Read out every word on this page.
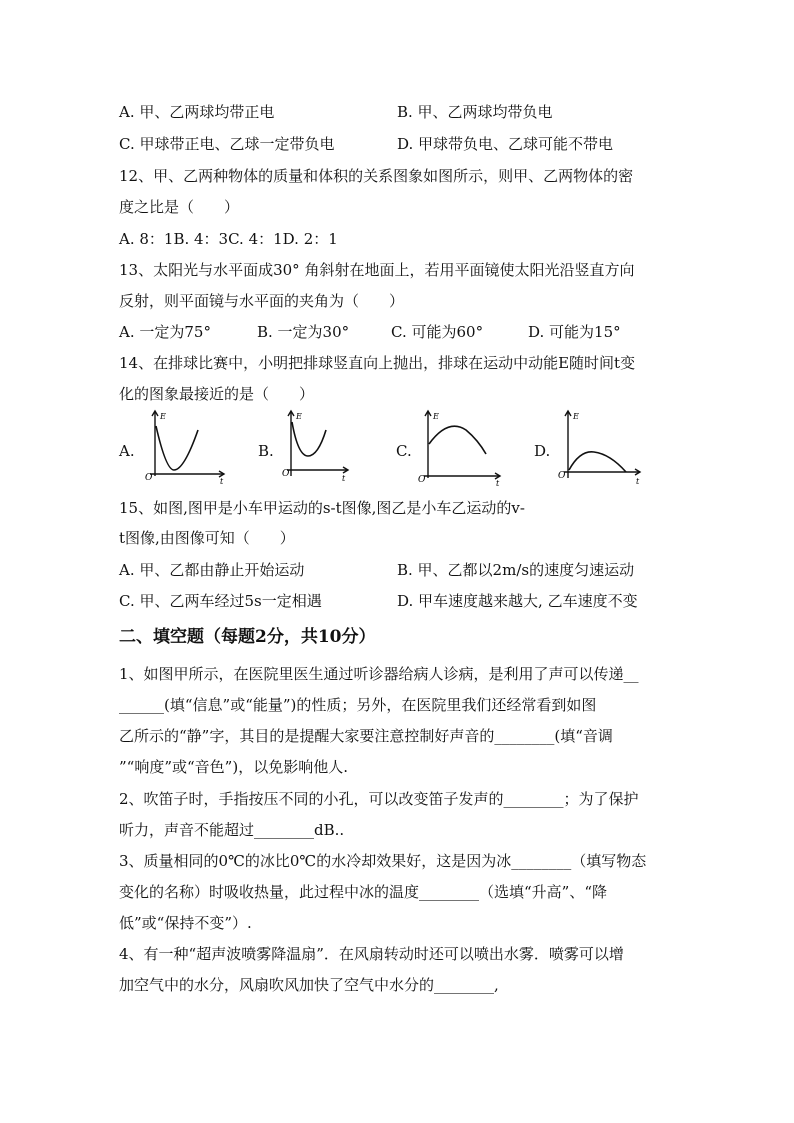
A. 甲、乙两球均带正电	B. 甲、乙两球均带负电
C. 甲球带正电、乙球一定带负电	D. 甲球带负电、乙球可能不带电
12、甲、乙两种物体的质量和体积的关系图象如图所示，则甲、乙两物体的密
度之比是（　　）
A. 8：1B. 4：3C. 4：1D. 2：1
13、太阳光与水平面成30° 角斜射在地面上，若用平面镜使太阳光沿竖直方向
反射，则平面镜与水平面的夹角为（　　）
A. 一定为75°	B. 一定为30°	C. 可能为60°	D. 可能为15°
14、在排球比赛中，小明把排球竖直向上抛出，排球在运动中动能E随时间t变
化的图象最接近的是（　　）
A.
E
O	t
B.
E
O	t
C.
E
O	t
D.
E
O
t
15、如图,图甲是小车甲运动的s-t图像,图乙是小车乙运动的v-
t图像,由图像可知（　　）
A. 甲、乙都由静止开始运动	B. 甲、乙都以2m/s的速度匀速运动
C. 甲、乙两车经过5s一定相遇	D. 甲车速度越来越大, 乙车速度不变
二、填空题（每题2分，共10分）
1、如图甲所示，在医院里医生通过听诊器给病人诊病，是利用了声可以传递__
______(填“信息”或“能量”)的性质；另外，在医院里我们还经常看到如图
乙所示的“静”字，其目的是提醒大家要注意控制好声音的________(填“音调
”“响度”或“音色”)，以免影响他人.
2、吹笛子时，手指按压不同的小孔，可以改变笛子发声的________；为了保护
听力，声音不能超过________dB..
3、质量相同的0℃的冰比0℃的水冷却效果好，这是因为冰________（填写物态
变化的名称）时吸收热量，此过程中冰的温度________（选填“升高”、“降
低”或“保持不变”）.
4、有一种“超声波喷雾降温扇”．在风扇转动时还可以喷出水雾．喷雾可以增
加空气中的水分，风扇吹风加快了空气中水分的________,
